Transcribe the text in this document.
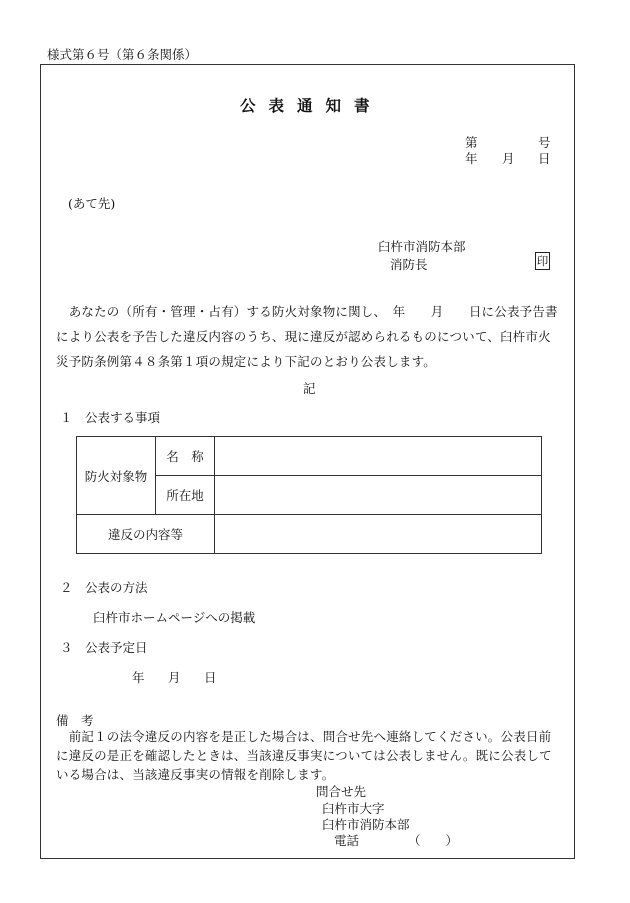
様式第６号（第６条関係）
公表通知書
第	号
年 月 日
(あて先)
臼杵市消防本部
消防長	印
　あなたの（所有・管理・占有）する防火対象物に関し、　年　　月　　日に公表予告書により公表を予告した違反内容のうち、現に違反が認められるものについて、臼杵市火災予防条例第４８条第１項の規定により下記のとおり公表します。
記
１　公表する事項
防火対象物	名　称	
	所在地	
違反の内容等		
２　公表の方法
臼杵市ホームページへの掲載
３　公表予定日
年 月 日
備　考
　前記１の法令違反の内容を是正した場合は、問合せ先へ連絡してください。公表日前に違反の是正を確認したときは、当該違反事実については公表しません。既に公表している場合は、当該違反事実の情報を削除します。
問合せ先
臼杵市大字
臼杵市消防本部
電話	（　　）
